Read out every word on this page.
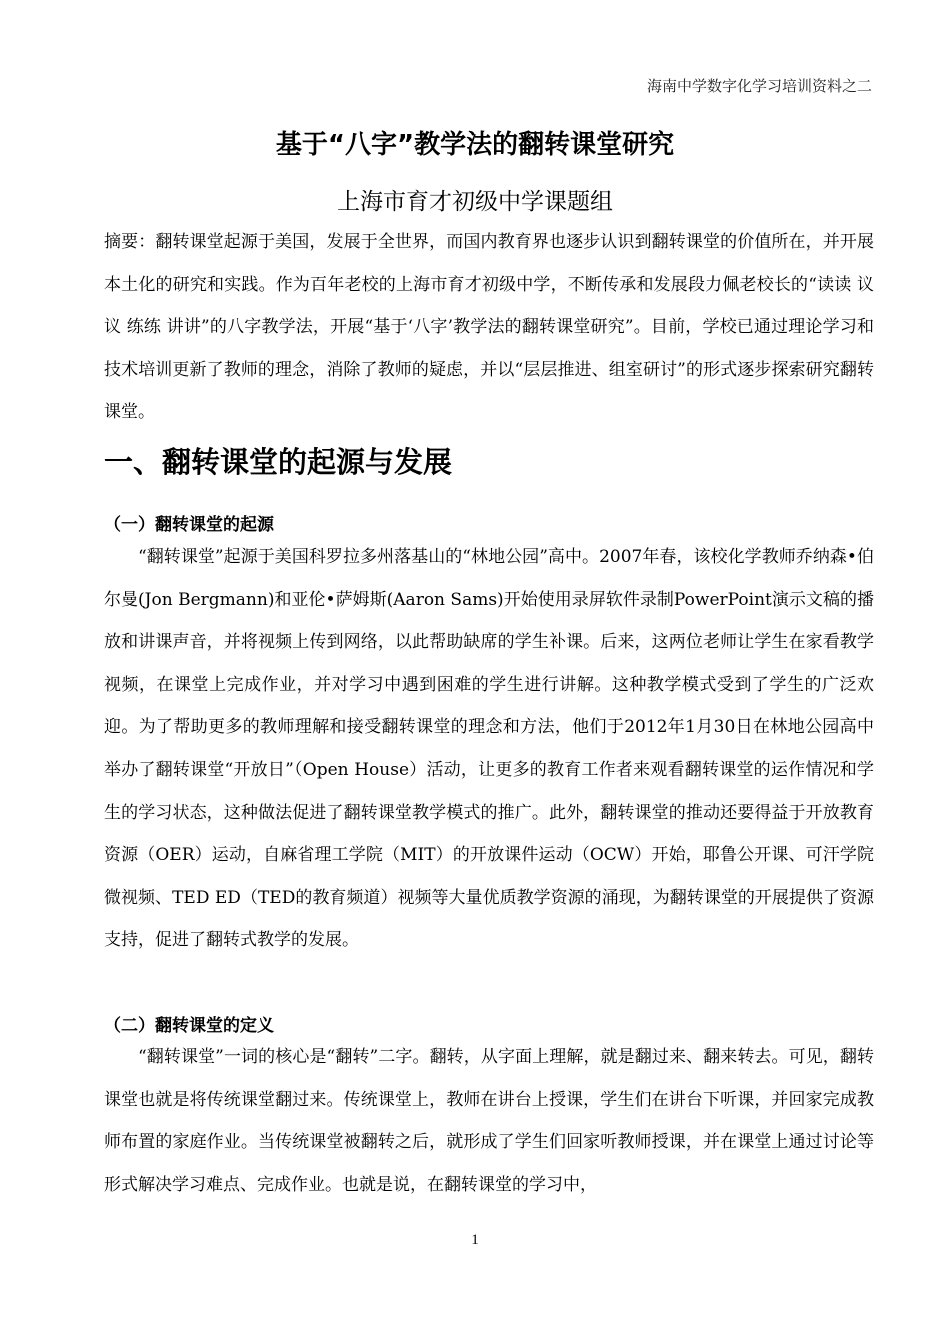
海南中学数字化学习培训资料之二
基于“八字”教学法的翻转课堂研究
上海市育才初级中学课题组
摘要：翻转课堂起源于美国，发展于全世界，而国内教育界也逐步认识到翻转课堂的价值所在，并开展本土化的研究和实践。作为百年老校的上海市育才初级中学，不断传承和发展段力佩老校长的“读读 议议 练练 讲讲”的八字教学法，开展“基于‘八字’教学法的翻转课堂研究”。目前，学校已通过理论学习和技术培训更新了教师的理念，消除了教师的疑虑，并以“层层推进、组室研讨”的形式逐步探索研究翻转课堂。
一、翻转课堂的起源与发展
（一）翻转课堂的起源
“翻转课堂”起源于美国科罗拉多州落基山的“林地公园”高中。2007年春，该校化学教师乔纳森•伯尔曼(Jon Bergmann)和亚伦•萨姆斯(Aaron Sams)开始使用录屏软件录制PowerPoint演示文稿的播放和讲课声音，并将视频上传到网络，以此帮助缺席的学生补课。后来，这两位老师让学生在家看教学视频，在课堂上完成作业，并对学习中遇到困难的学生进行讲解。这种教学模式受到了学生的广泛欢迎。为了帮助更多的教师理解和接受翻转课堂的理念和方法，他们于2012年1月30日在林地公园高中举办了翻转课堂“开放日”（Open House）活动，让更多的教育工作者来观看翻转课堂的运作情况和学生的学习状态，这种做法促进了翻转课堂教学模式的推广。此外，翻转课堂的推动还要得益于开放教育资源（OER）运动，自麻省理工学院（MIT）的开放课件运动（OCW）开始，耶鲁公开课、可汗学院微视频、TED ED（TED的教育频道）视频等大量优质教学资源的涌现，为翻转课堂的开展提供了资源支持，促进了翻转式教学的发展。
（二）翻转课堂的定义
“翻转课堂”一词的核心是“翻转”二字。翻转，从字面上理解，就是翻过来、翻来转去。可见，翻转课堂也就是将传统课堂翻过来。传统课堂上，教师在讲台上授课，学生们在讲台下听课，并回家完成教师布置的家庭作业。当传统课堂被翻转之后，就形成了学生们回家听教师授课，并在课堂上通过讨论等形式解决学习难点、完成作业。也就是说，在翻转课堂的学习中，
1
